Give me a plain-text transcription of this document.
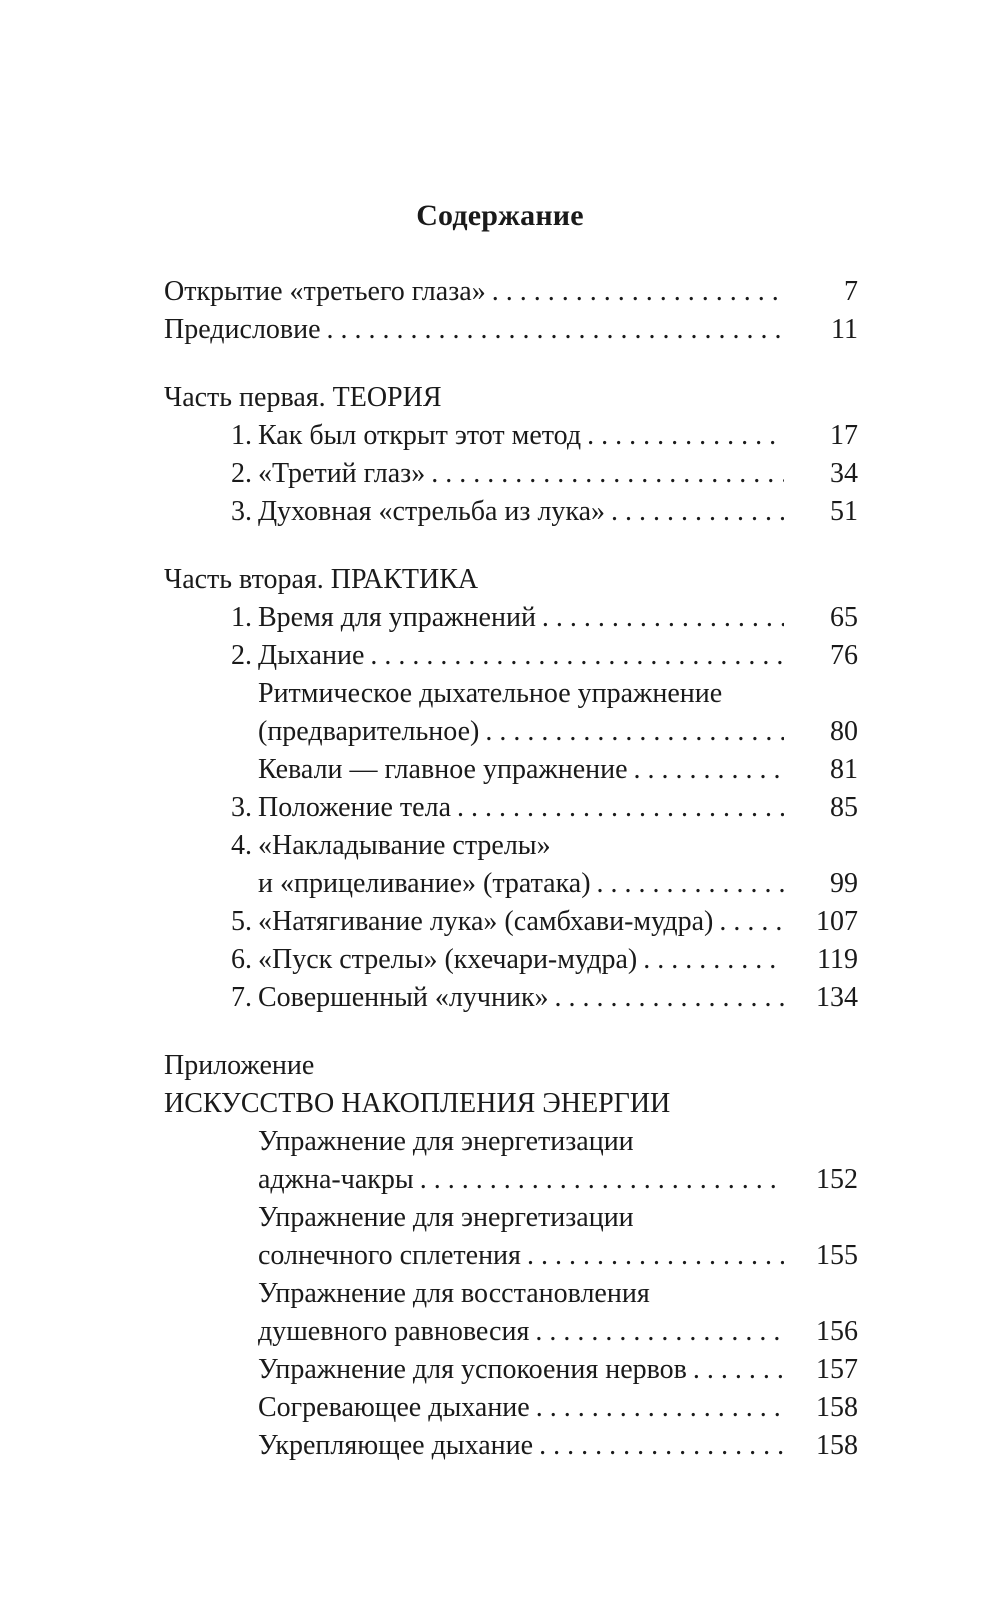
Содержание
Открытие «третьего глаза» . . .	7
Предисловие . . .	11
Часть первая. ТЕОРИЯ
1. Как был открыт этот метод . . .	17
2. «Третий глаз» . . .	34
3. Духовная «стрельба из лука» . . .	51
Часть вторая. ПРАКТИКА
1. Время для упражнений . . .	65
2. Дыхание . . .	76
Ритмическое дыхательное упражнение
(предварительное) . . .	80
Кевали — главное упражнение . . .	81
3. Положение тела . . .	85
4. «Накладывание стрелы»
и «прицеливание» (тратака) . . .	99
5. «Натягивание лука» (самбхави-мудра) . . .	107
6. «Пуск стрелы» (кхечари-мудра) . . .	119
7. Совершенный «лучник» . . .	134
Приложение
ИСКУССТВО НАКОПЛЕНИЯ ЭНЕРГИИ
Упражнение для энергетизации
аджна-чакры . . .	152
Упражнение для энергетизации
солнечного сплетения . . .	155
Упражнение для восстановления
душевного равновесия . . .	156
Упражнение для успокоения нервов . . .	157
Согревающее дыхание . . .	158
Укрепляющее дыхание . . .	158
